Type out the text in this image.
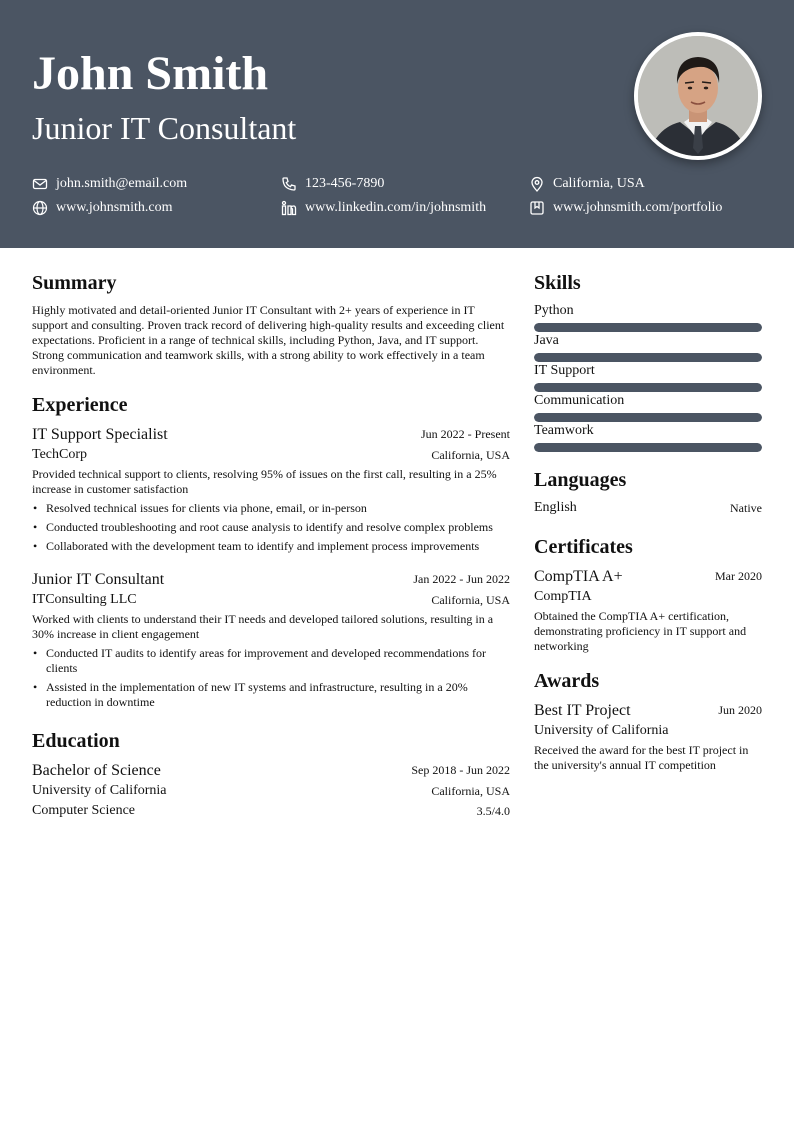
John Smith
Junior IT Consultant
john.smith@email.com	123-456-7890	California, USA
www.johnsmith.com	www.linkedin.com/in/johnsmith	www.johnsmith.com/portfolio
Summary
Highly motivated and detail-oriented Junior IT Consultant with 2+ years of experience in IT support and consulting. Proven track record of delivering high-quality results and exceeding client expectations. Proficient in a range of technical skills, including Python, Java, and IT support. Strong communication and teamwork skills, with a strong ability to work effectively in a team environment.
Experience
IT Support Specialist	Jun 2022 - Present
TechCorp	California, USA
Provided technical support to clients, resolving 95% of issues on the first call, resulting in a 25% increase in customer satisfaction
• Resolved technical issues for clients via phone, email, or in-person
• Conducted troubleshooting and root cause analysis to identify and resolve complex problems
• Collaborated with the development team to identify and implement process improvements
Junior IT Consultant	Jan 2022 - Jun 2022
ITConsulting LLC	California, USA
Worked with clients to understand their IT needs and developed tailored solutions, resulting in a 30% increase in client engagement
• Conducted IT audits to identify areas for improvement and developed recommendations for clients
• Assisted in the implementation of new IT systems and infrastructure, resulting in a 20% reduction in downtime
Education
Bachelor of Science	Sep 2018 - Jun 2022
University of California	California, USA
Computer Science	3.5/4.0
Skills
Python
Java
IT Support
Communication
Teamwork
Languages
English	Native
Certificates
CompTIA A+	Mar 2020
CompTIA
Obtained the CompTIA A+ certification, demonstrating proficiency in IT support and networking
Awards
Best IT Project	Jun 2020
University of California
Received the award for the best IT project in the university's annual IT competition
